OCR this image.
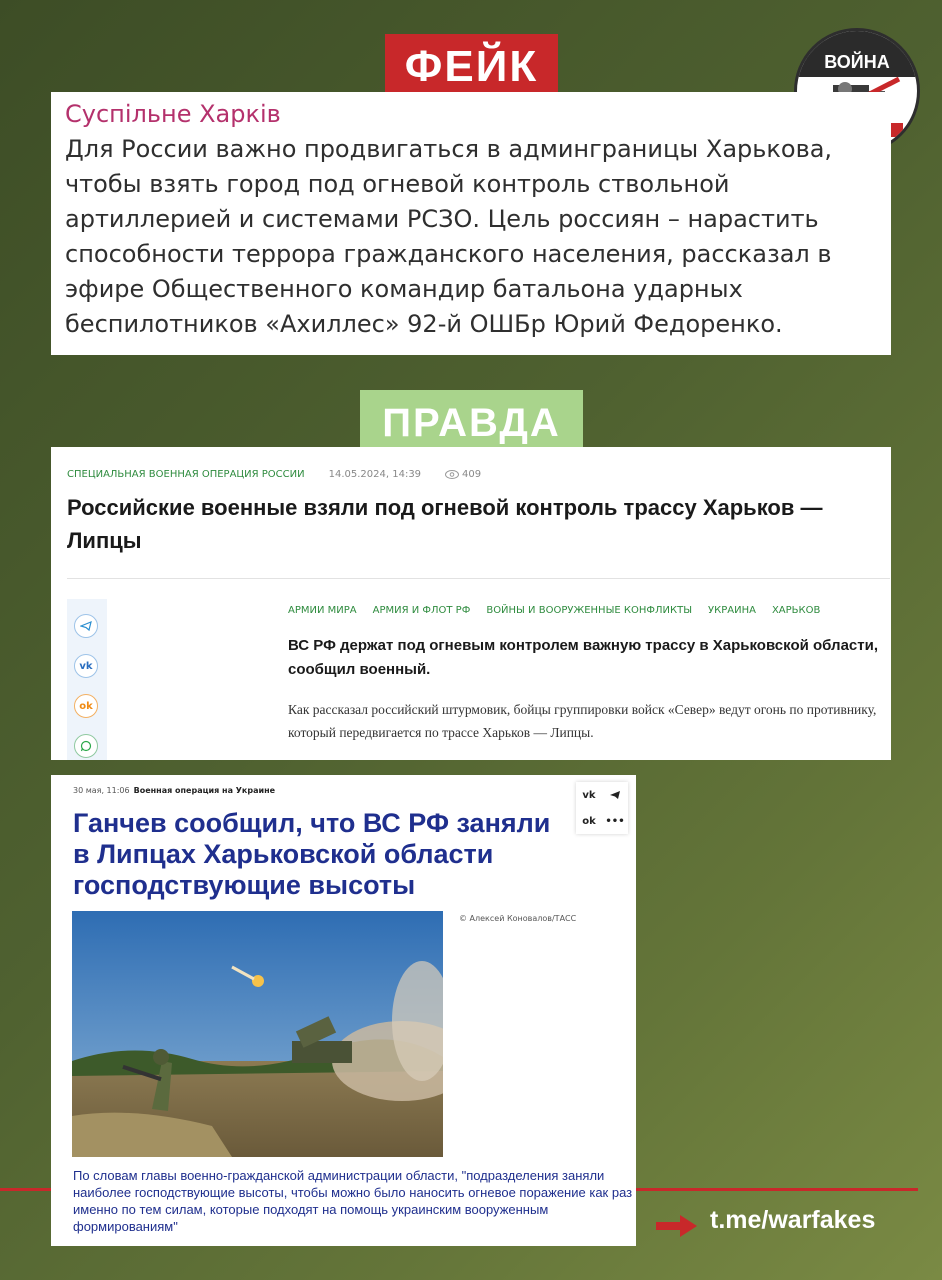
ФЕЙК	ВОЙНА
Суспільне Харків
Для России важно продвигаться в админграницы Харькова, чтобы взять город под огневой контроль ствольной артиллерией и системами РСЗО. Цель россиян – нарастить способности террора гражданского населения, рассказал в эфире Общественного командир батальона ударных беспилотников «Ахиллес» 92-й ОШБр Юрий Федоренко.
ПРАВДА
СПЕЦИАЛЬНАЯ ВОЕННАЯ ОПЕРАЦИЯ РОССИИ 14.05.2024, 14:39	409
Российские военные взяли под огневой контроль трассу Харьков — Липцы
vk
ok
АРМИИ МИРА АРМИЯ И ФЛОТ РФ ВОЙНЫ И ВООРУЖЕННЫЕ КОНФЛИКТЫ УКРАИНА ХАРЬКОВ
ВС РФ держат под огневым контролем важную трассу в Харьковской области, сообщил военный.
Как рассказал российский штурмовик, бойцы группировки войск «Север» ведут огонь по противнику, который передвигается по трассе Харьков — Липцы.
30 мая, 11:06 Военная операция на Украине	vk
ok •••
Ганчев сообщил, что ВС РФ заняли в Липцах Харьковской области господствующие высоты
© Алексей Коновалов/ТАСС
По словам главы военно-гражданской администрации области, "подразделения заняли наиболее господствующие высоты, чтобы можно было наносить огневое поражение как раз именно по тем силам, которые подходят на помощь украинским вооруженным формированиям"	t.me/warfakes
